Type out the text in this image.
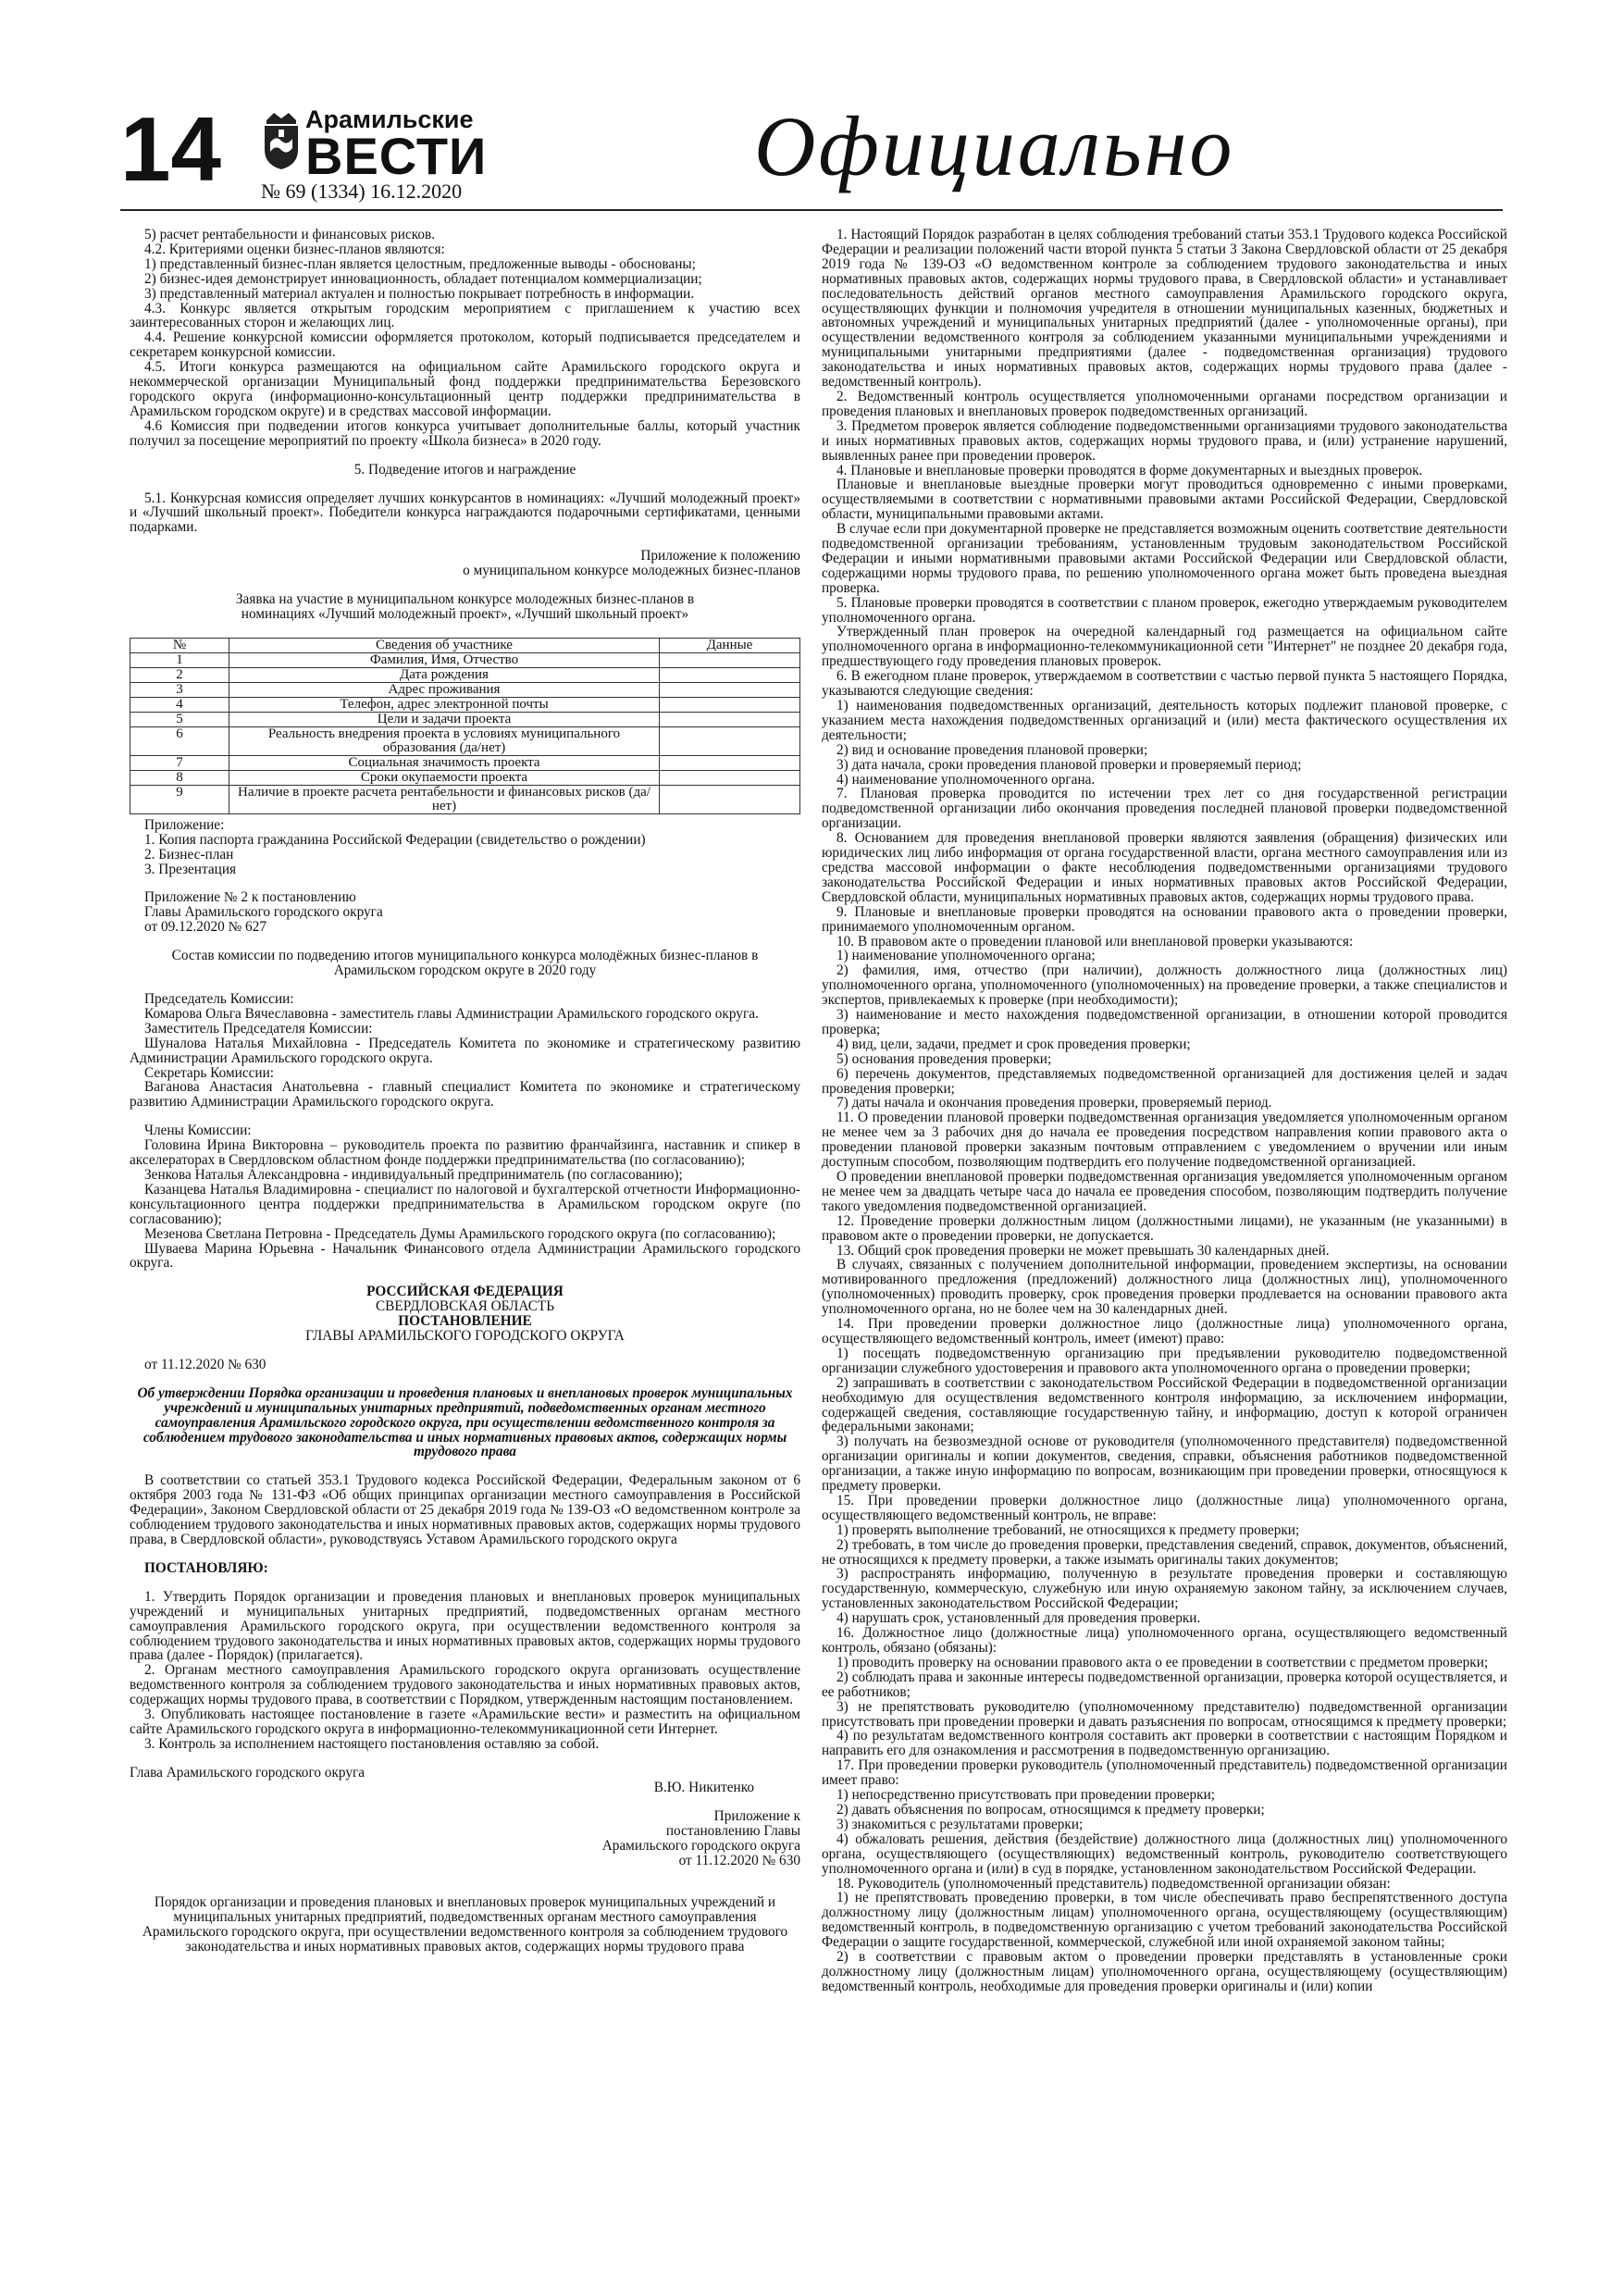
14	Арамильские
ВЕСТИ
№ 69 (1334) 16.12.2020	Официально

5) расчет рентабельности и финансовых рисков.

4.2. Критериями оценки бизнес-планов являются:

1) представленный бизнес-план является целостным, предложенные выводы - обоснованы;

2) бизнес-идея демонстрирует инновационность, обладает потенциалом коммерциализации;

3) представленный материал актуален и полностью покрывает потребность в информации.

4.3. Конкурс является открытым городским мероприятием с приглашением к участию всех заинтересованных сторон и желающих лиц.

4.4. Решение конкурсной комиссии оформляется протоколом, который подписывается председателем и секретарем конкурсной комиссии.

4.5. Итоги конкурса размещаются на официальном сайте Арамильского городского округа и некоммерческой организации Муниципальный фонд поддержки предпринимательства Березовского городского округа (информационно-консультационный центр поддержки предпринимательства в Арамильском городском округе) и в средствах массовой информации.

4.6 Комиссия при подведении итогов конкурса учитывает дополнительные баллы, который участник получил за посещение мероприятий по проекту «Школа бизнеса» в 2020 году.

5. Подведение итогов и награждение

5.1. Конкурсная комиссия определяет лучших конкурсантов в номинациях: «Лучший молодежный проект» и «Лучший школьный проект». Победители конкурса награждаются подарочными сертификатами, ценными подарками.

Приложение к положению

о муниципальном конкурсе молодежных бизнес-планов

Заявка на участие в муниципальном конкурсе молодежных бизнес-планов в номинациях «Лучший молодежный проект», «Лучший школьный проект»

№	Сведения об участнике	Данные
1	Фамилия, Имя, Отчество	
2	Дата рождения	
3	Адрес проживания	
4	Телефон, адрес электронной почты	
5	Цели и задачи проекта	
6	Реальность внедрения проекта в условиях муниципального образования (да/нет)	
7	Социальная значимость проекта	
8	Сроки окупаемости проекта	
9	Наличие в проекте расчета рентабельности и финансовых рисков (да/нет)	

Приложение:

1. Копия паспорта гражданина Российской Федерации (свидетельство о рождении)

2. Бизнес-план

3. Презентация

Приложение № 2 к постановлению

Главы Арамильского городского округа

от 09.12.2020 № 627

Состав комиссии по подведению итогов муниципального конкурса молодёжных бизнес-планов в Арамильском городском округе в 2020 году

Председатель Комиссии:

Комарова Ольга Вячеславовна - заместитель главы Администрации Арамильского городского округа.

Заместитель Председателя Комиссии:

Шуналова Наталья Михайловна - Председатель Комитета по экономике и стратегическому развитию Администрации Арамильского городского округа.

Секретарь Комиссии:

Ваганова Анастасия Анатольевна - главный специалист Комитета по экономике и стратегическому развитию Администрации Арамильского городского округа.

Члены Комиссии:

Головина Ирина Викторовна – руководитель проекта по развитию франчайзинга, наставник и спикер в акселераторах в Свердловском областном фонде поддержки предпринимательства (по согласованию);

Зенкова Наталья Александровна - индивидуальный предприниматель (по согласованию);

Казанцева Наталья Владимировна - специалист по налоговой и бухгалтерской отчетности Информационно-консультационного центра поддержки предпринимательства в Арамильском городском округе (по согласованию);

Мезенова Светлана Петровна - Председатель Думы Арамильского городского округа (по согласованию);

Шуваева Марина Юрьевна - Начальник Финансового отдела Администрации Арамильского городского округа.

РОССИЙСКАЯ ФЕДЕРАЦИЯ

СВЕРДЛОВСКАЯ ОБЛАСТЬ

ПОСТАНОВЛЕНИЕ

ГЛАВЫ АРАМИЛЬСКОГО ГОРОДСКОГО ОКРУГА

от 11.12.2020 № 630

Об утверждении Порядка организации и проведения плановых и внеплановых проверок муниципальных учреждений и муниципальных унитарных предприятий, подведомственных органам местного самоуправления Арамильского городского округа, при осуществлении ведомственного контроля за соблюдением трудового законодательства и иных нормативных правовых актов, содержащих нормы трудового права

В соответствии со статьей 353.1 Трудового кодекса Российской Федерации, Федеральным законом от 6 октября 2003 года № 131-ФЗ «Об общих принципах организации местного самоуправления в Российской Федерации», Законом Свердловской области от 25 декабря 2019 года № 139-ОЗ «О ведомственном контроле за соблюдением трудового законодательства и иных нормативных правовых актов, содержащих нормы трудового права, в Свердловской области», руководствуясь Уставом Арамильского городского округа

ПОСТАНОВЛЯЮ:

1. Утвердить Порядок организации и проведения плановых и внеплановых проверок муниципальных учреждений и муниципальных унитарных предприятий, подведомственных органам местного самоуправления Арамильского городского округа, при осуществлении ведомственного контроля за соблюдением трудового законодательства и иных нормативных правовых актов, содержащих нормы трудового права (далее - Порядок) (прилагается).

2. Органам местного самоуправления Арамильского городского округа организовать осуществление ведомственного контроля за соблюдением трудового законодательства и иных нормативных правовых актов, содержащих нормы трудового права, в соответствии с Порядком, утвержденным настоящим постановлением.

3. Опубликовать настоящее постановление в газете «Арамильские вести» и разместить на официальном сайте Арамильского городского округа в информационно-телекоммуникационной сети Интернет.

3. Контроль за исполнением настоящего постановления оставляю за собой.

Глава Арамильского городского округа
В.Ю. Никитенко

Приложение к

постановлению Главы

Арамильского городского округа

от 11.12.2020 № 630

Порядок организации и проведения плановых и внеплановых проверок муниципальных учреждений и муниципальных унитарных предприятий, подведомственных органам местного самоуправления Арамильского городского округа, при осуществлении ведомственного контроля за соблюдением трудового законодательства и иных нормативных правовых актов, содержащих нормы трудового права

1. Настоящий Порядок разработан в целях соблюдения требований статьи 353.1 Трудового кодекса Российской Федерации и реализации положений части второй пункта 5 статьи 3 Закона Свердловской области от 25 декабря 2019 года № 139-ОЗ «О ведомственном контроле за соблюдением трудового законодательства и иных нормативных правовых актов, содержащих нормы трудового права, в Свердловской области» и устанавливает последовательность действий органов местного самоуправления Арамильского городского округа, осуществляющих функции и полномочия учредителя в отношении муниципальных казенных, бюджетных и автономных учреждений и муниципальных унитарных предприятий (далее - уполномоченные органы), при осуществлении ведомственного контроля за соблюдением указанными муниципальными учреждениями и муниципальными унитарными предприятиями (далее - подведомственная организация) трудового законодательства и иных нормативных правовых актов, содержащих нормы трудового права (далее - ведомственный контроль).

2. Ведомственный контроль осуществляется уполномоченными органами посредством организации и проведения плановых и внеплановых проверок подведомственных организаций.

3. Предметом проверок является соблюдение подведомственными организациями трудового законодательства и иных нормативных правовых актов, содержащих нормы трудового права, и (или) устранение нарушений, выявленных ранее при проведении проверок.

4. Плановые и внеплановые проверки проводятся в форме документарных и выездных проверок.

Плановые и внеплановые выездные проверки могут проводиться одновременно с иными проверками, осуществляемыми в соответствии с нормативными правовыми актами Российской Федерации, Свердловской области, муниципальными правовыми актами.

В случае если при документарной проверке не представляется возможным оценить соответствие деятельности подведомственной организации требованиям, установленным трудовым законодательством Российской Федерации и иными нормативными правовыми актами Российской Федерации или Свердловской области, содержащими нормы трудового права, по решению уполномоченного органа может быть проведена выездная проверка.

5. Плановые проверки проводятся в соответствии с планом проверок, ежегодно утверждаемым руководителем уполномоченного органа.

Утвержденный план проверок на очередной календарный год размещается на официальном сайте уполномоченного органа в информационно-телекоммуникационной сети "Интернет" не позднее 20 декабря года, предшествующего году проведения плановых проверок.

6. В ежегодном плане проверок, утверждаемом в соответствии с частью первой пункта 5 настоящего Порядка, указываются следующие сведения:

1) наименования подведомственных организаций, деятельность которых подлежит плановой проверке, с указанием места нахождения подведомственных организаций и (или) места фактического осуществления их деятельности;

2) вид и основание проведения плановой проверки;

3) дата начала, сроки проведения плановой проверки и проверяемый период;

4) наименование уполномоченного органа.

7. Плановая проверка проводится по истечении трех лет со дня государственной регистрации подведомственной организации либо окончания проведения последней плановой проверки подведомственной организации.

8. Основанием для проведения внеплановой проверки являются заявления (обращения) физических или юридических лиц либо информация от органа государственной власти, органа местного самоуправления или из средства массовой информации о факте несоблюдения подведомственными организациями трудового законодательства Российской Федерации и иных нормативных правовых актов Российской Федерации, Свердловской области, муниципальных нормативных правовых актов, содержащих нормы трудового права.

9. Плановые и внеплановые проверки проводятся на основании правового акта о проведении проверки, принимаемого уполномоченным органом.

10. В правовом акте о проведении плановой или внеплановой проверки указываются:

1) наименование уполномоченного органа;

2) фамилия, имя, отчество (при наличии), должность должностного лица (должностных лиц) уполномоченного органа, уполномоченного (уполномоченных) на проведение проверки, а также специалистов и экспертов, привлекаемых к проверке (при необходимости);

3) наименование и место нахождения подведомственной организации, в отношении которой проводится проверка;

4) вид, цели, задачи, предмет и срок проведения проверки;

5) основания проведения проверки;

6) перечень документов, представляемых подведомственной организацией для достижения целей и задач проведения проверки;

7) даты начала и окончания проведения проверки, проверяемый период.

11. О проведении плановой проверки подведомственная организация уведомляется уполномоченным органом не менее чем за 3 рабочих дня до начала ее проведения посредством направления копии правового акта о проведении плановой проверки заказным почтовым отправлением с уведомлением о вручении или иным доступным способом, позволяющим подтвердить его получение подведомственной организацией.

О проведении внеплановой проверки подведомственная организация уведомляется уполномоченным органом не менее чем за двадцать четыре часа до начала ее проведения способом, позволяющим подтвердить получение такого уведомления подведомственной организацией.

12. Проведение проверки должностным лицом (должностными лицами), не указанным (не указанными) в правовом акте о проведении проверки, не допускается.

13. Общий срок проведения проверки не может превышать 30 календарных дней.

В случаях, связанных с получением дополнительной информации, проведением экспертизы, на основании мотивированного предложения (предложений) должностного лица (должностных лиц), уполномоченного (уполномоченных) проводить проверку, срок проведения проверки продлевается на основании правового акта уполномоченного органа, но не более чем на 30 календарных дней.

14. При проведении проверки должностное лицо (должностные лица) уполномоченного органа, осуществляющего ведомственный контроль, имеет (имеют) право:

1) посещать подведомственную организацию при предъявлении руководителю подведомственной организации служебного удостоверения и правового акта уполномоченного органа о проведении проверки;

2) запрашивать в соответствии с законодательством Российской Федерации в подведомственной организации необходимую для осуществления ведомственного контроля информацию, за исключением информации, содержащей сведения, составляющие государственную тайну, и информацию, доступ к которой ограничен федеральными законами;

3) получать на безвозмездной основе от руководителя (уполномоченного представителя) подведомственной организации оригиналы и копии документов, сведения, справки, объяснения работников подведомственной организации, а также иную информацию по вопросам, возникающим при проведении проверки, относящуюся к предмету проверки.

15. При проведении проверки должностное лицо (должностные лица) уполномоченного органа, осуществляющего ведомственный контроль, не вправе:

1) проверять выполнение требований, не относящихся к предмету проверки;

2) требовать, в том числе до проведения проверки, представления сведений, справок, документов, объяснений, не относящихся к предмету проверки, а также изымать оригиналы таких документов;

3) распространять информацию, полученную в результате проведения проверки и составляющую государственную, коммерческую, служебную или иную охраняемую законом тайну, за исключением случаев, установленных законодательством Российской Федерации;

4) нарушать срок, установленный для проведения проверки.

16. Должностное лицо (должностные лица) уполномоченного органа, осуществляющего ведомственный контроль, обязано (обязаны):

1) проводить проверку на основании правового акта о ее проведении в соответствии с предметом проверки;

2) соблюдать права и законные интересы подведомственной организации, проверка которой осуществляется, и ее работников;

3) не препятствовать руководителю (уполномоченному представителю) подведомственной организации присутствовать при проведении проверки и давать разъяснения по вопросам, относящимся к предмету проверки;

4) по результатам ведомственного контроля составить акт проверки в соответствии с настоящим Порядком и направить его для ознакомления и рассмотрения в подведомственную организацию.

17. При проведении проверки руководитель (уполномоченный представитель) подведомственной организации имеет право:

1) непосредственно присутствовать при проведении проверки;

2) давать объяснения по вопросам, относящимся к предмету проверки;

3) знакомиться с результатами проверки;

4) обжаловать решения, действия (бездействие) должностного лица (должностных лиц) уполномоченного органа, осуществляющего (осуществляющих) ведомственный контроль, руководителю соответствующего уполномоченного органа и (или) в суд в порядке, установленном законодательством Российской Федерации.

18. Руководитель (уполномоченный представитель) подведомственной организации обязан:

1) не препятствовать проведению проверки, в том числе обеспечивать право беспрепятственного доступа должностному лицу (должностным лицам) уполномоченного органа, осуществляющему (осуществляющим) ведомственный контроль, в подведомственную организацию с учетом требований законодательства Российской Федерации о защите государственной, коммерческой, служебной или иной охраняемой законом тайны;

2) в соответствии с правовым актом о проведении проверки представлять в установленные сроки должностному лицу (должностным лицам) уполномоченного органа, осуществляющему (осуществляющим) ведомственный контроль, необходимые для проведения проверки оригиналы и (или) копии
